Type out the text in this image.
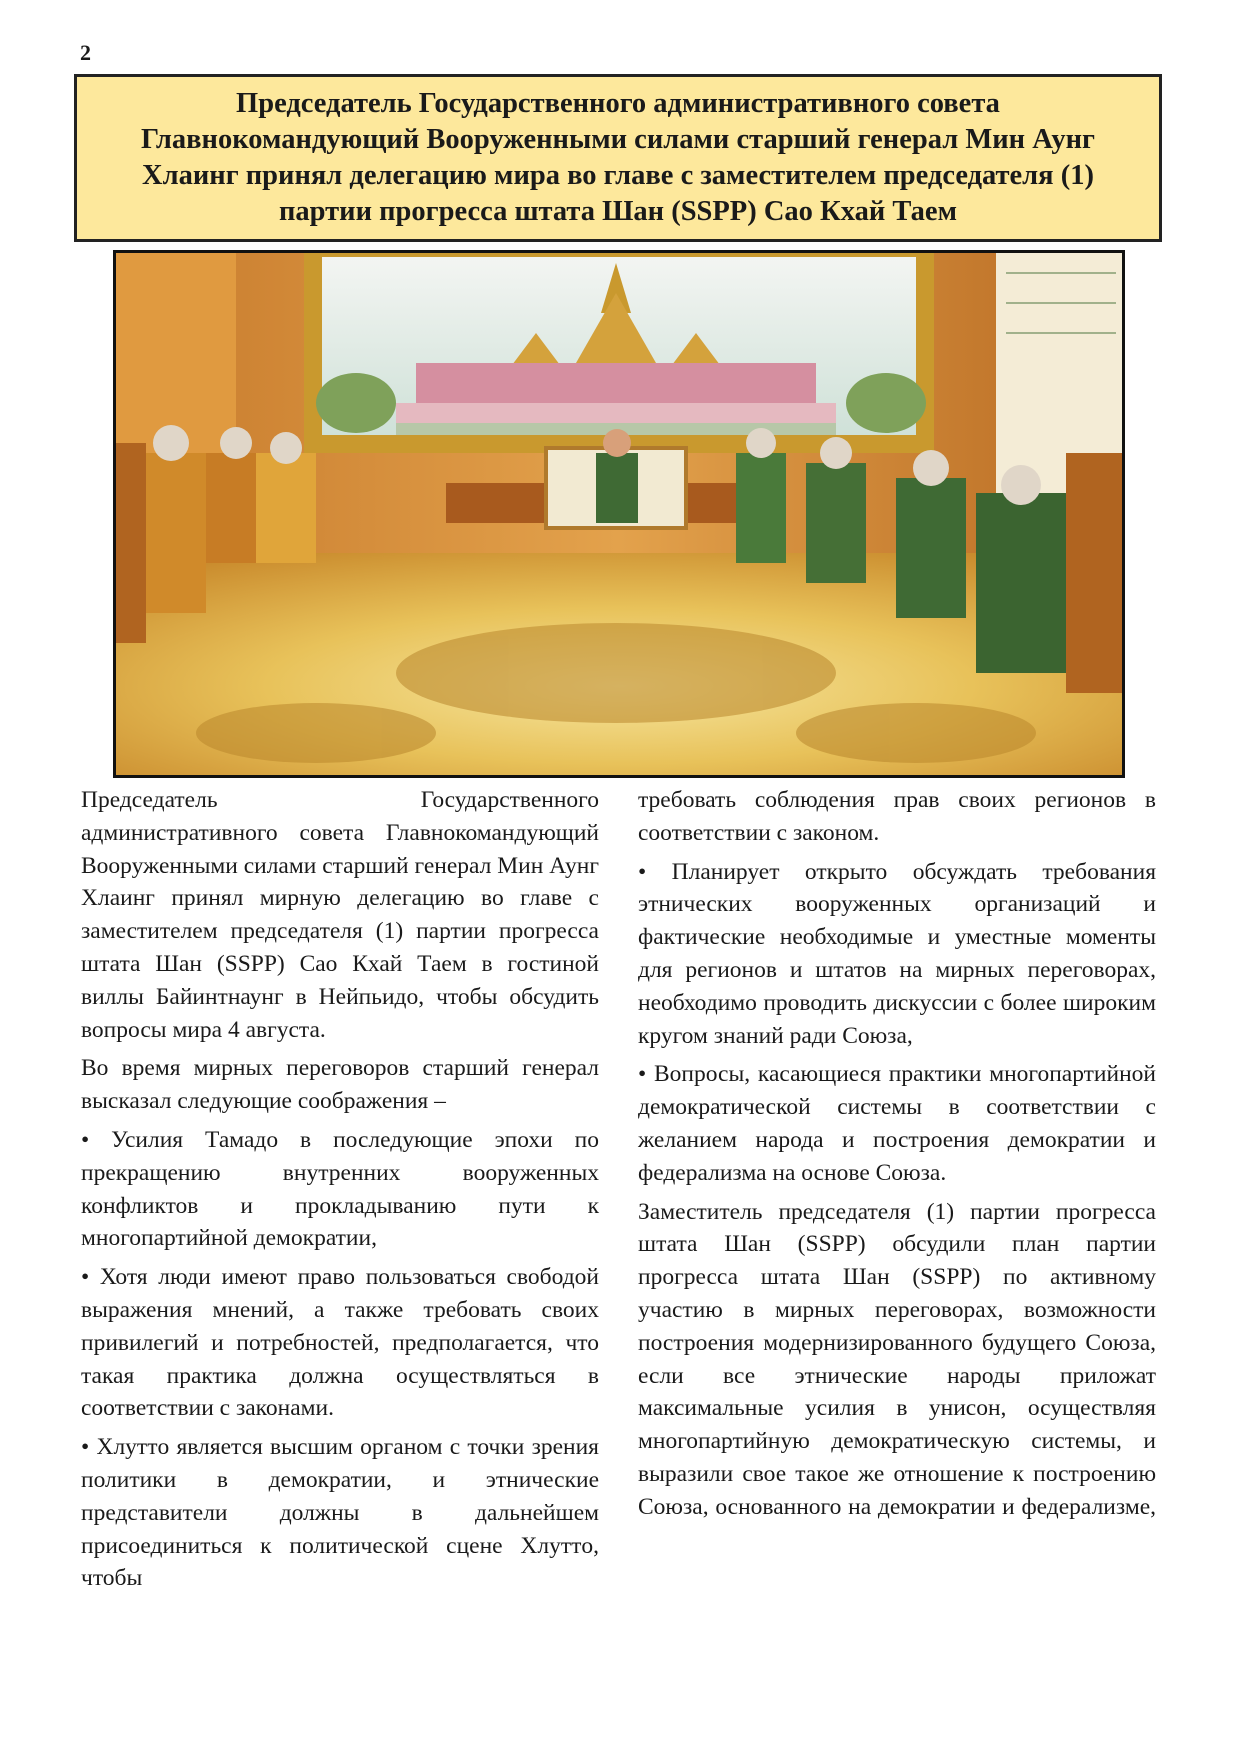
2
Председатель Государственного административного совета Главнокомандующий Вооруженными силами старший генерал Мин Аунг Хлаинг принял делегацию мира во главе с заместителем председателя (1) партии прогресса штата Шан (SSPP) Сао Кхай Таем

Председатель Государственного административного совета Главнокомандующий Вооруженными силами старший генерал Мин Аунг Хлаинг принял мирную делегацию во главе с заместителем председателя (1) партии прогресса штата Шан (SSPP) Сао Кхай Таем в гостиной виллы Байинтнаунг в Нейпьидо, чтобы обсудить вопросы мира 4 августа.

Во время мирных переговоров старший генерал высказал следующие соображения –

• Усилия Тамадо в последующие эпохи по прекращению внутренних вооруженных конфликтов и прокладыванию пути к многопартийной демократии,

• Хотя люди имеют право пользоваться свободой выражения мнений, а также требовать своих привилегий и потребностей, предполагается, что такая практика должна осуществляться в соответствии с законами.

• Хлуттo является высшим органом с точки зрения политики в демократии, и этнические представители должны в дальнейшем присоединиться к политической сцене Хлуттo, чтобы

требовать соблюдения прав своих регионов в соответствии с законом.

• Планирует открыто обсуждать требования этнических вооруженных организаций и фактические необходимые и уместные моменты для регионов и штатов на мирных переговорах, необходимо проводить дискуссии с более широким кругом знаний ради Союза,

• Вопросы, касающиеся практики многопартийной демократической системы в соответствии с желанием народа и построения демократии и федерализма на основе Союза.

Заместитель председателя (1) партии прогресса штата Шан (SSPP) обсудили план партии прогресса штата Шан (SSPP) по активному участию в мирных переговорах, возможности построения модернизированного будущего Союза, если все этнические народы приложат максимальные усилия в унисон, осуществляя многопартийную демократическую системы, и выразили свое такое же отношение к построению Союза, основанного на демократии и федерализме,
